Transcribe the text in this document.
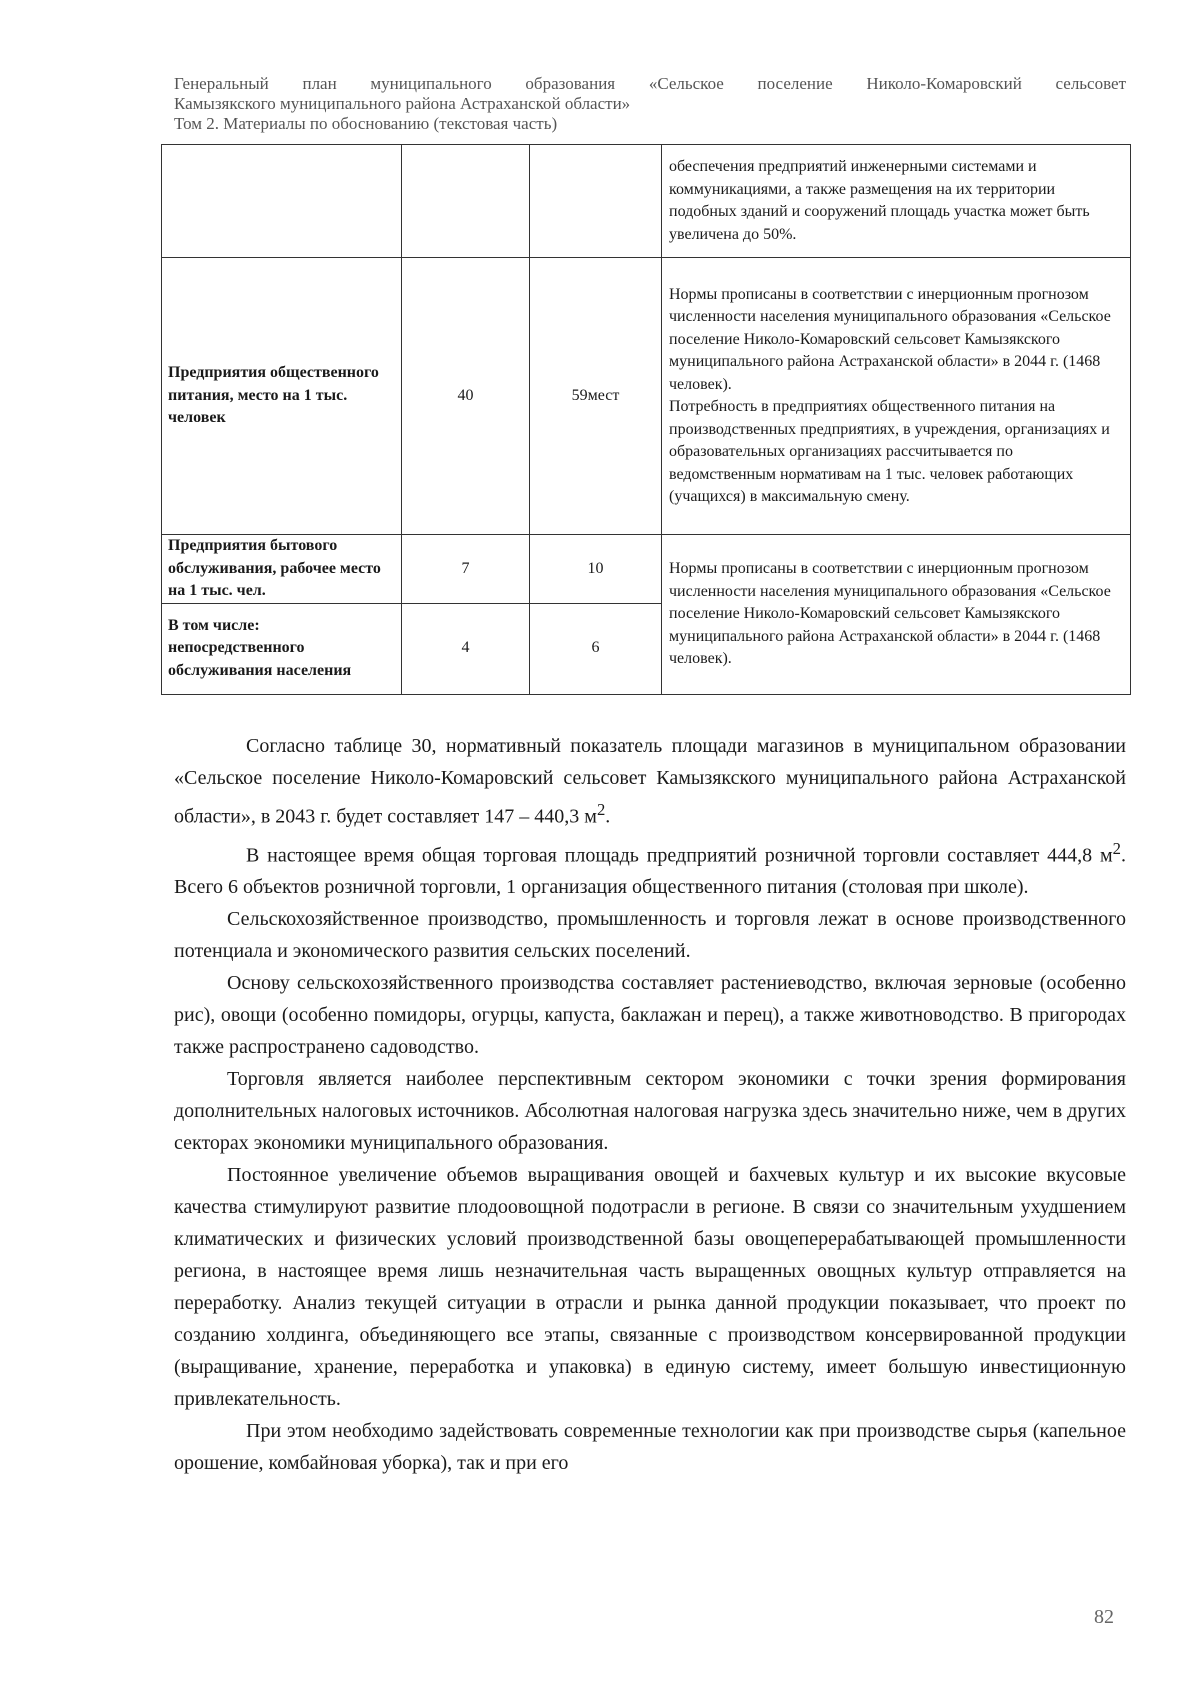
Генеральный план муниципального образования «Сельское поселение Николо-Комаровский сельсовет
Камызякского муниципального района Астраханской области»
Том 2. Материалы по обоснованию (текстовая часть)
			обеспечения предприятий инженерными системами и коммуникациями, а также размещения на их территории подобных зданий и сооружений площадь участка может быть увеличена до 50%.
Предприятия общественного питания, место на 1 тыс. человек	40	59мест	Нормы прописаны в соответствии с инерционным прогнозом численности населения муниципального образования «Сельское поселение Николо-Комаровский сельсовет Камызякского муниципального района Астраханской области» в 2044 г. (1468 человек).
Потребность в предприятиях общественного питания на производственных предприятиях, в учреждения, организациях и образовательных организациях рассчитывается по ведомственным нормативам на 1 тыс. человек работающих (учащихся) в максимальную смену.

Предприятия бытового обслуживания, рабочее место на 1 тыс. чел.	7	10	Нормы прописаны в соответствии с инерционным прогнозом численности населения муниципального образования «Сельское поселение Николо-Комаровский сельсовет Камызякского муниципального района Астраханской области» в 2044 г. (1468 человек).
В том числе: непосредственного обслуживания населения	4	6	

Согласно таблице 30, нормативный показатель площади магазинов в муниципальном образовании «Сельское поселение Николо-Комаровский сельсовет Камызякского муниципального района Астраханской области», в 2043 г. будет составляет 147 – 440,3 $м^2$.

В настоящее время общая торговая площадь предприятий розничной торговли составляет 444,8 $м^2$. Всего 6 объектов розничной торговли, 1 организация общественного питания (столовая при школе).

Сельскохозяйственное производство, промышленность и торговля лежат в основе производственного потенциала и экономического развития сельских поселений.

Основу сельскохозяйственного производства составляет растениеводство, включая зерновые (особенно рис), овощи (особенно помидоры, огурцы, капуста, баклажан и перец), а также животноводство. В пригородах также распространено садоводство.

Торговля является наиболее перспективным сектором экономики с точки зрения формирования дополнительных налоговых источников. Абсолютная налоговая нагрузка здесь значительно ниже, чем в других секторах экономики муниципального образования.

Постоянное увеличение объемов выращивания овощей и бахчевых культур и их высокие вкусовые качества стимулируют развитие плодоовощной подотрасли в регионе. В связи со значительным ухудшением климатических и физических условий производственной базы овощеперерабатывающей промышленности региона, в настоящее время лишь незначительная часть выращенных овощных культур отправляется на переработку. Анализ текущей ситуации в отрасли и рынка данной продукции показывает, что проект по созданию холдинга, объединяющего все этапы, связанные с производством консервированной продукции (выращивание, хранение, переработка и упаковка) в единую систему, имеет большую инвестиционную привлекательность.

При этом необходимо задействовать современные технологии как при производстве сырья (капельное орошение, комбайновая уборка), так и при его

82
